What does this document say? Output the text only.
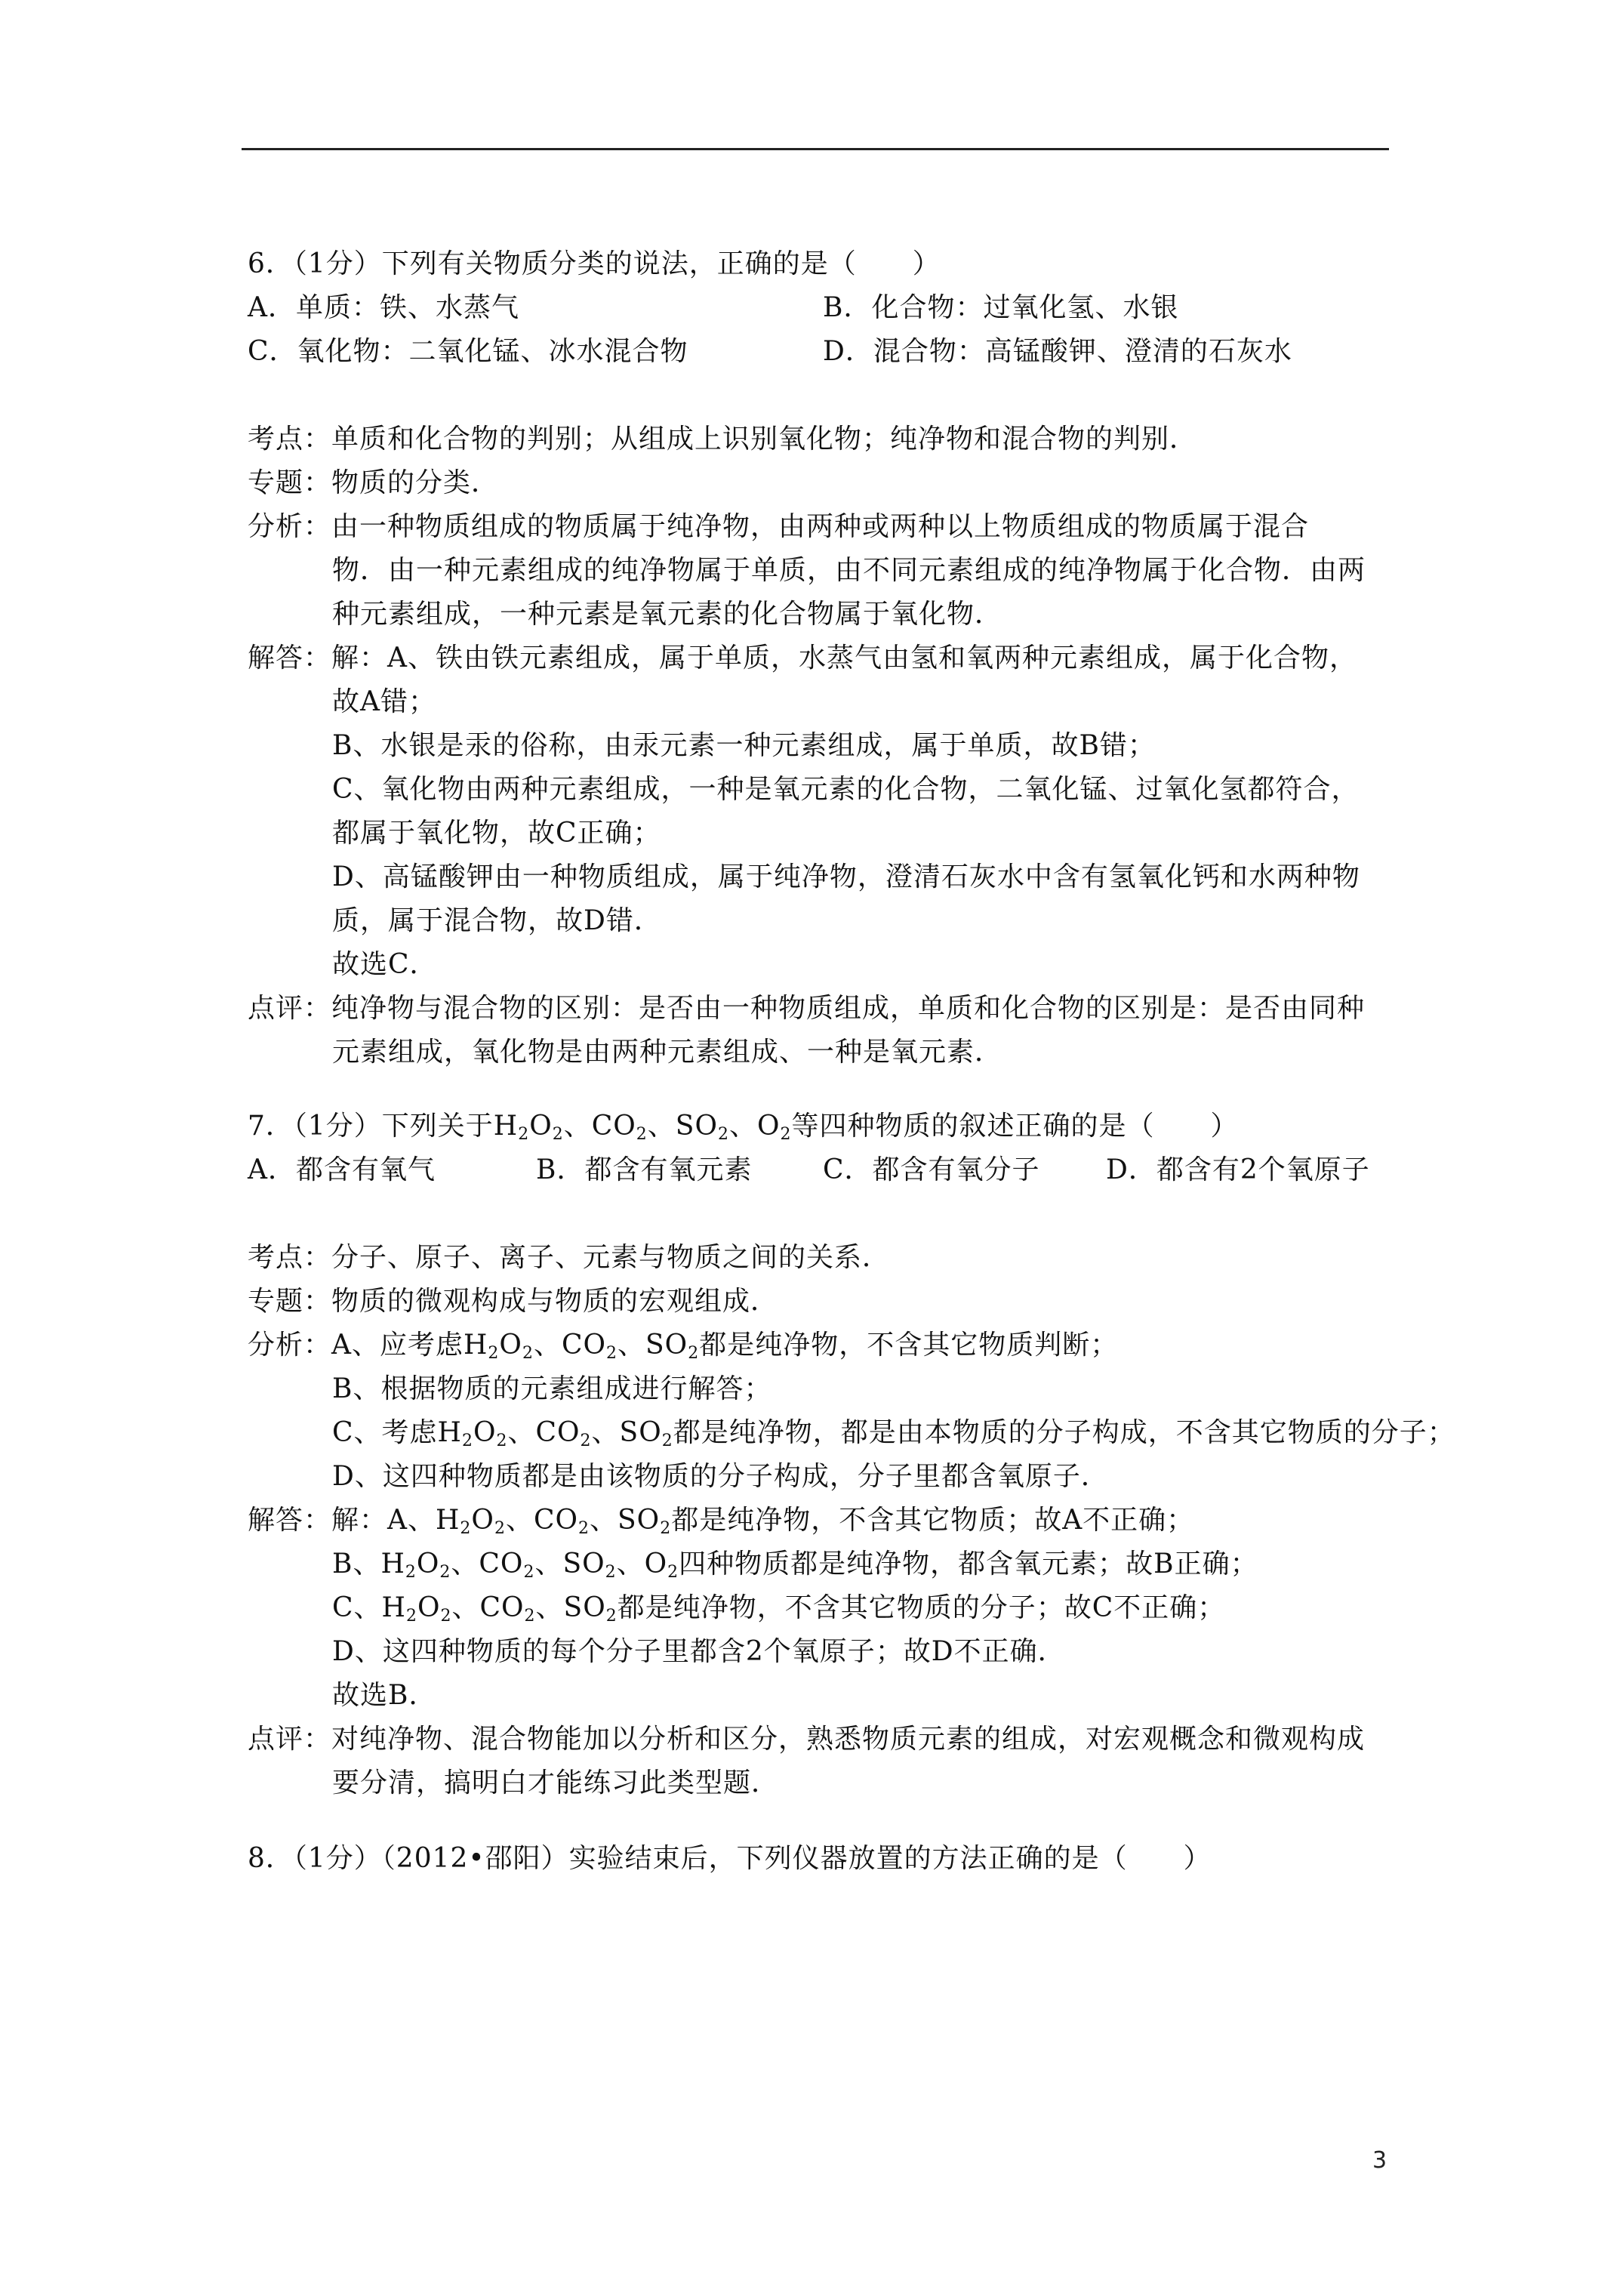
6．（1分）下列有关物质分类的说法，正确的是（　　）
A．单质：铁、水蒸气	B．化合物：过氧化氢、水银
C．氧化物：二氧化锰、冰水混合物	D．混合物：高锰酸钾、澄清的石灰水
考点：单质和化合物的判别；从组成上识别氧化物；纯净物和混合物的判别．
专题：物质的分类．
分析：由一种物质组成的物质属于纯净物，由两种或两种以上物质组成的物质属于混合
物．由一种元素组成的纯净物属于单质，由不同元素组成的纯净物属于化合物．由两
种元素组成，一种元素是氧元素的化合物属于氧化物．
解答：解：A、铁由铁元素组成，属于单质，水蒸气由氢和氧两种元素组成，属于化合物，
故A错；
B、水银是汞的俗称，由汞元素一种元素组成，属于单质，故B错；
C、氧化物由两种元素组成，一种是氧元素的化合物，二氧化锰、过氧化氢都符合，
都属于氧化物，故C正确；
D、高锰酸钾由一种物质组成，属于纯净物，澄清石灰水中含有氢氧化钙和水两种物
质，属于混合物，故D错．
故选C．
点评：纯净物与混合物的区别：是否由一种物质组成，单质和化合物的区别是：是否由同种
元素组成，氧化物是由两种元素组成、一种是氧元素．
7．（1分）下列关于$H_2O_2$、$CO_2$、$SO_2$、$O_2$等四种物质的叙述正确的是（　　）
A．都含有氧气	B．都含有氧元素	C．都含有氧分子 D．都含有2个氧原子
考点：分子、原子、离子、元素与物质之间的关系．
专题：物质的微观构成与物质的宏观组成．
分析：A、应考虑$H_2O_2$、$CO_2$、$SO_2$都是纯净物，不含其它物质判断；
B、根据物质的元素组成进行解答；
C、考虑$H_2O_2$、$CO_2$、$SO_2$都是纯净物，都是由本物质的分子构成，不含其它物质的分子；
D、这四种物质都是由该物质的分子构成，分子里都含氧原子．
解答：解：A、$H_2O_2$、$CO_2$、$SO_2$都是纯净物，不含其它物质；故A不正确；
B、$H_2O_2$、$CO_2$、$SO_2$、$O_2$四种物质都是纯净物，都含氧元素；故B正确；
C、$H_2O_2$、$CO_2$、$SO_2$都是纯净物，不含其它物质的分子；故C不正确；
D、这四种物质的每个分子里都含2个氧原子；故D不正确．
故选B．
点评：对纯净物、混合物能加以分析和区分，熟悉物质元素的组成，对宏观概念和微观构成
要分清，搞明白才能练习此类型题．
8．（1分）（2012•邵阳）实验结束后，下列仪器放置的方法正确的是（　　）
3
